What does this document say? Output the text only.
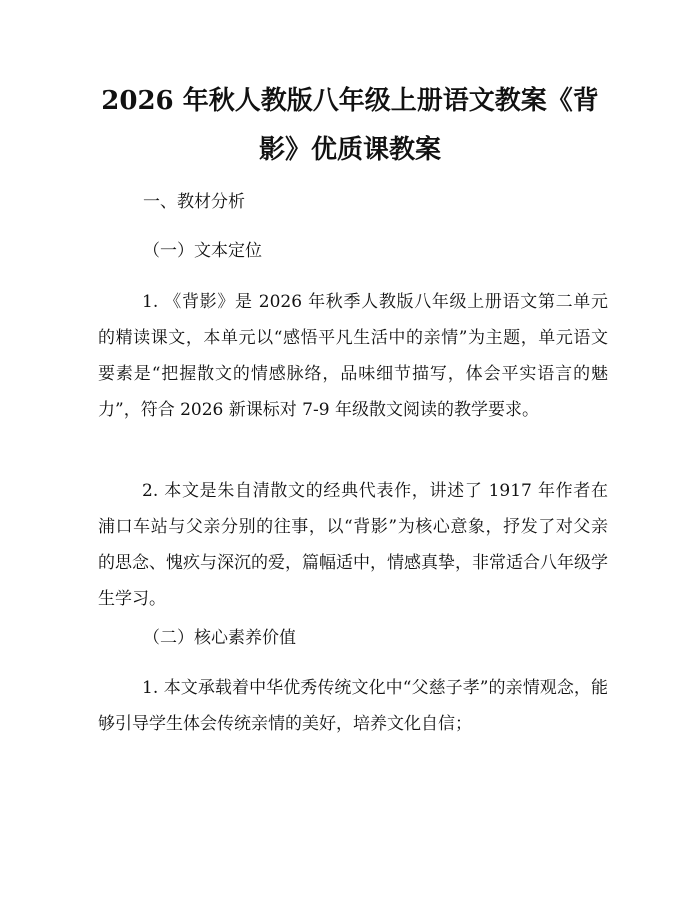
2026 年秋人教版八年级上册语文教案《背
影》优质课教案
一、教材分析
（一）文本定位
1. 《背影》是 2026 年秋季人教版八年级上册语文第二单元的精读课文，本单元以“感悟平凡生活中的亲情”为主题，单元语文要素是“把握散文的情感脉络，品味细节描写，体会平实语言的魅力”，符合 2026 新课标对 7-9 年级散文阅读的教学要求。
2. 本文是朱自清散文的经典代表作，讲述了 1917 年作者在浦口车站与父亲分别的往事，以“背影”为核心意象，抒发了对父亲的思念、愧疚与深沉的爱，篇幅适中，情感真挚，非常适合八年级学生学习。
（二）核心素养价值
1. 本文承载着中华优秀传统文化中“父慈子孝”的亲情观念，能够引导学生体会传统亲情的美好，培养文化自信；
